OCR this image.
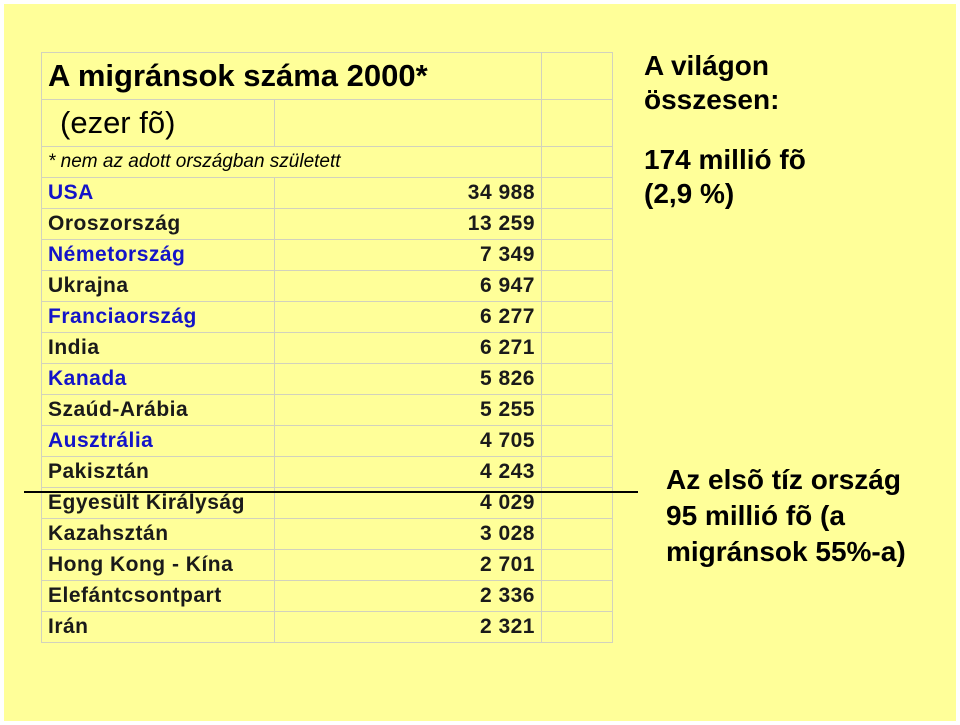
A migránsok száma 2000*		
(ezer fõ)		
* nem az adott országban született		
USA	34 988	
Oroszország	13 259	
Németország	7 349	
Ukrajna	6 947	
Franciaország	6 277	
India	6 271	
Kanada	5 826	
Szaúd-Arábia	5 255	
Ausztrália	4 705	
Pakisztán	4 243	
Egyesült Királyság	4 029	
Kazahsztán	3 028	
Hong Kong - Kína	2 701	
Elefántcsontpart	2 336	
Irán	2 321	
A világon
összesen:
174 millió fõ
(2,9 %)
Az elsõ tíz ország
95 millió fõ (a
migránsok 55%-a)
